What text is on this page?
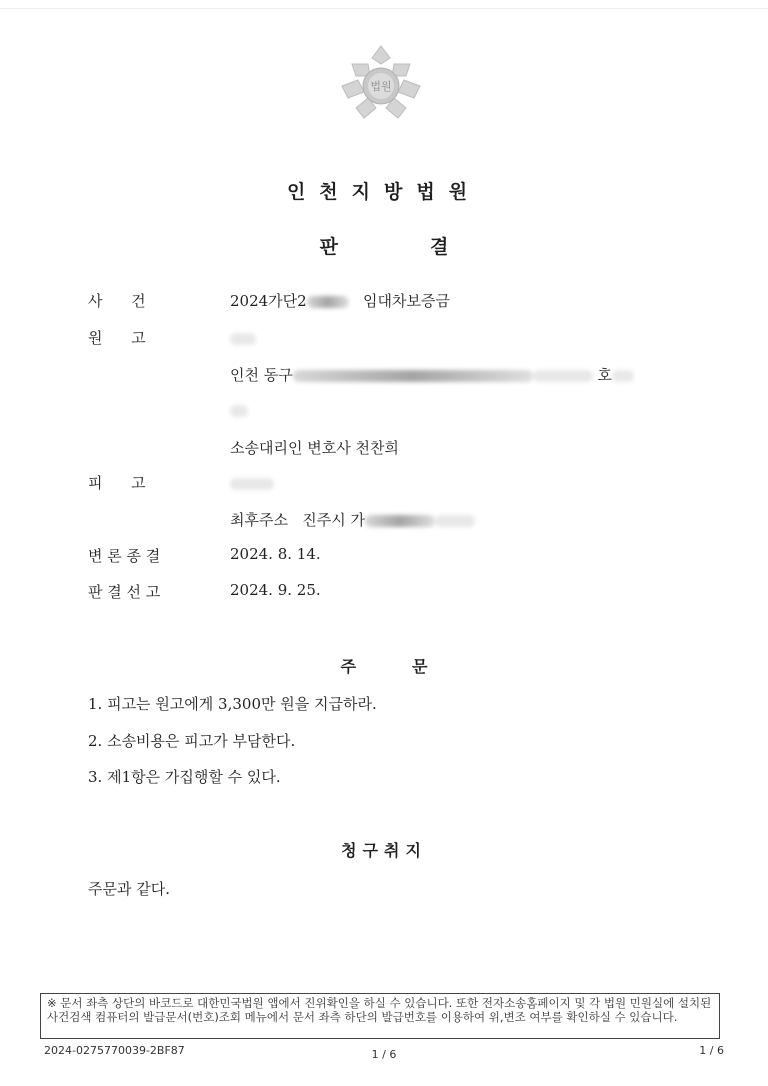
법원
인천지방법원
판	결
사      건	2024가단2	임대차보증금
원      고
인천 동구	호
소송대리인 변호사 천찬희
피      고
최후주소 진주시 가
변 론 종 결	2024. 8. 14.
판 결 선 고	2024. 9. 25.
주	문
1. 피고는 원고에게 3,300만 원을 지급하라.
2. 소송비용은 피고가 부담한다.
3. 제1항은 가집행할 수 있다.
청구취지
주문과 같다.
※ 문서 좌측 상단의 바코드로 대한민국법원 앱에서 진위확인을 하실 수 있습니다. 또한 전자소송홈페이지 및 각 법원 민원실에 설치된 사건검색 컴퓨터의 발급문서(번호)조회 메뉴에서 문서 좌측 하단의 발급번호를 이용하여 위,변조 여부를 확인하실 수 있습니다.
2024-0275770039-2BF87	1 / 6	1 / 6
